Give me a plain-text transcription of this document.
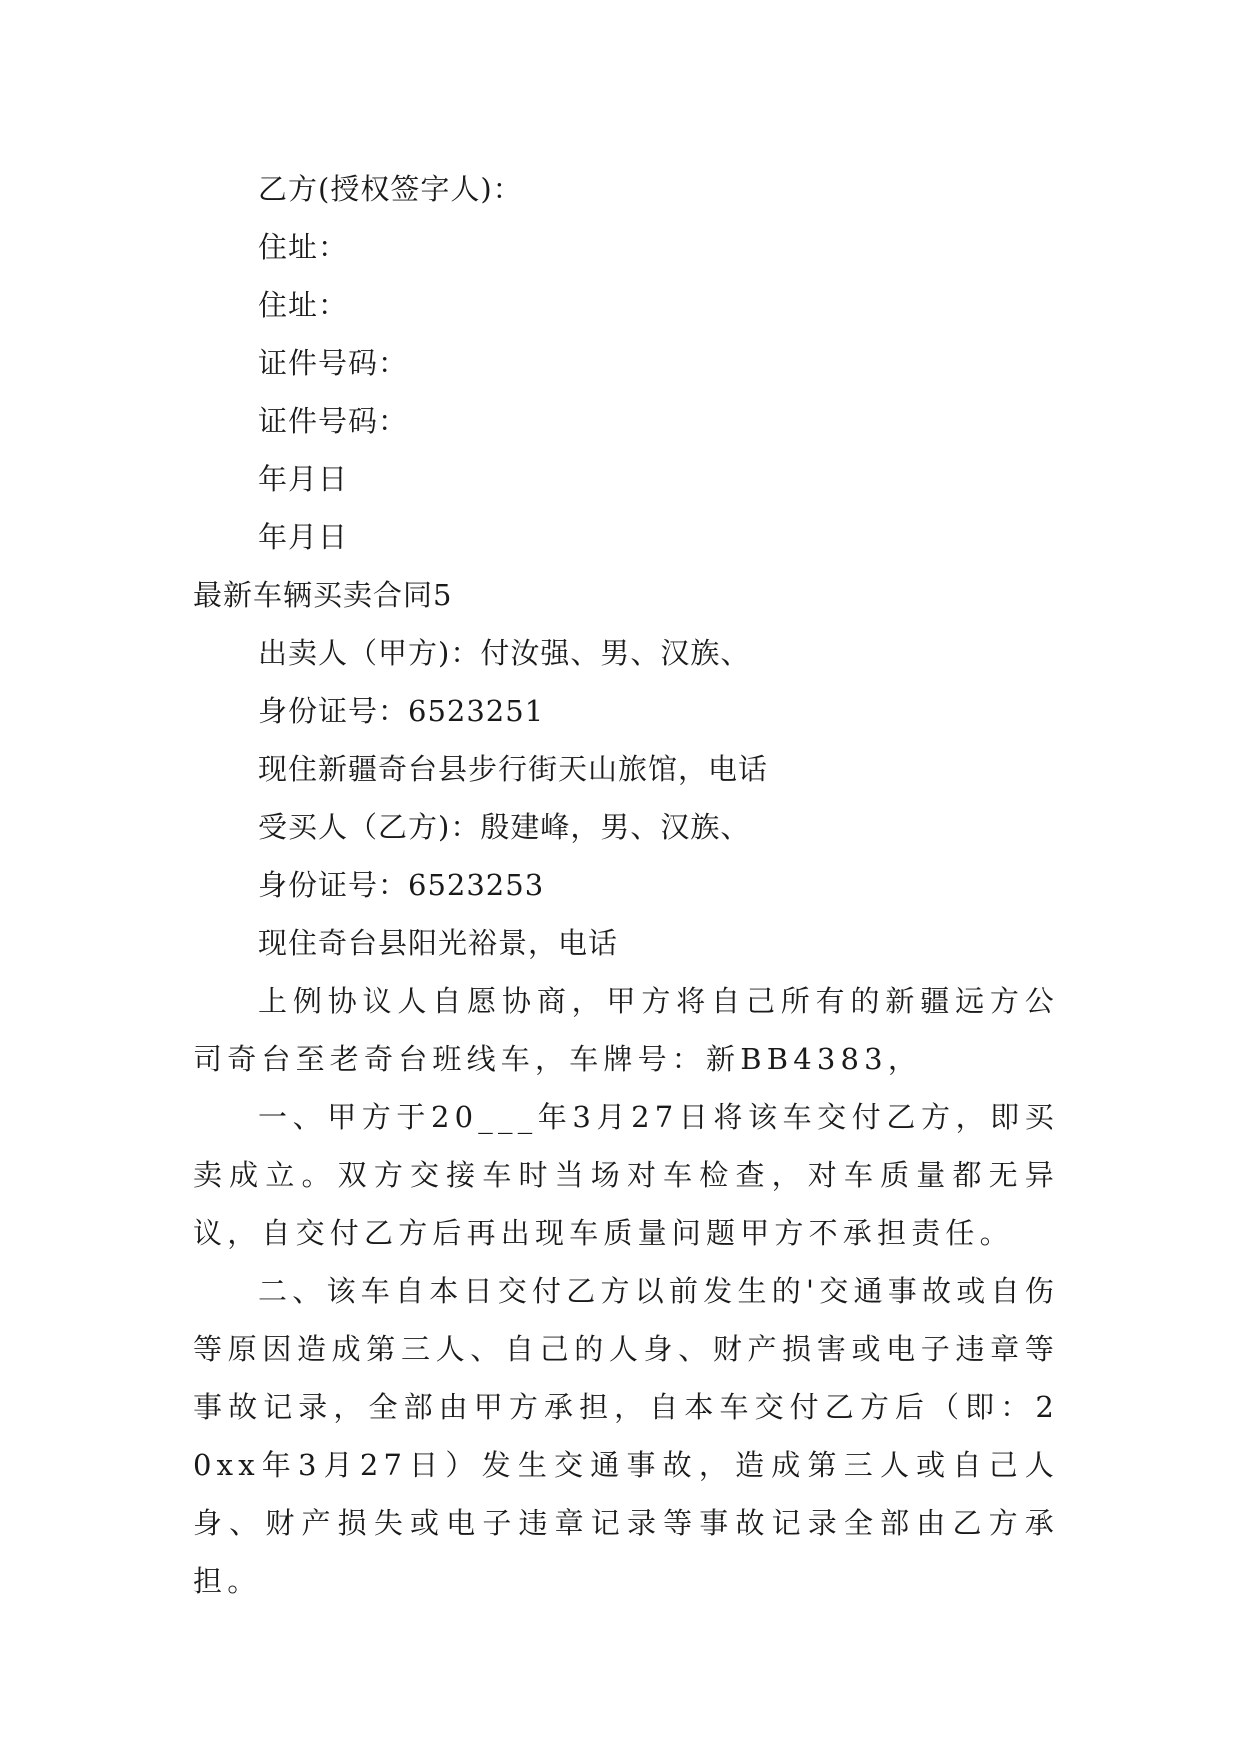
乙方(授权签字人)：
住址：
住址：
证件号码：
证件号码：
年月日
年月日
最新车辆买卖合同5
出卖人（甲方)：付汝强、男、汉族、
身份证号：6523251
现住新疆奇台县步行街天山旅馆，电话
受买人（乙方)：殷建峰，男、汉族、
身份证号：6523253
现住奇台县阳光裕景，电话

上例协议人自愿协商，甲方将自己所有的新疆远方公司奇台至老奇台班线车，车牌号：新BB4383，

一、甲方于20___年3月27日将该车交付乙方，即买卖成立。双方交接车时当场对车检查，对车质量都无异议，自交付乙方后再出现车质量问题甲方不承担责任。

二、该车自本日交付乙方以前发生的'交通事故或自伤等原因造成第三人、自己的人身、财产损害或电子违章等事故记录，全部由甲方承担，自本车交付乙方后（即：20xx年3月27日）发生交通事故，造成第三人或自己人身、财产损失或电子违章记录等事故记录全部由乙方承担。
